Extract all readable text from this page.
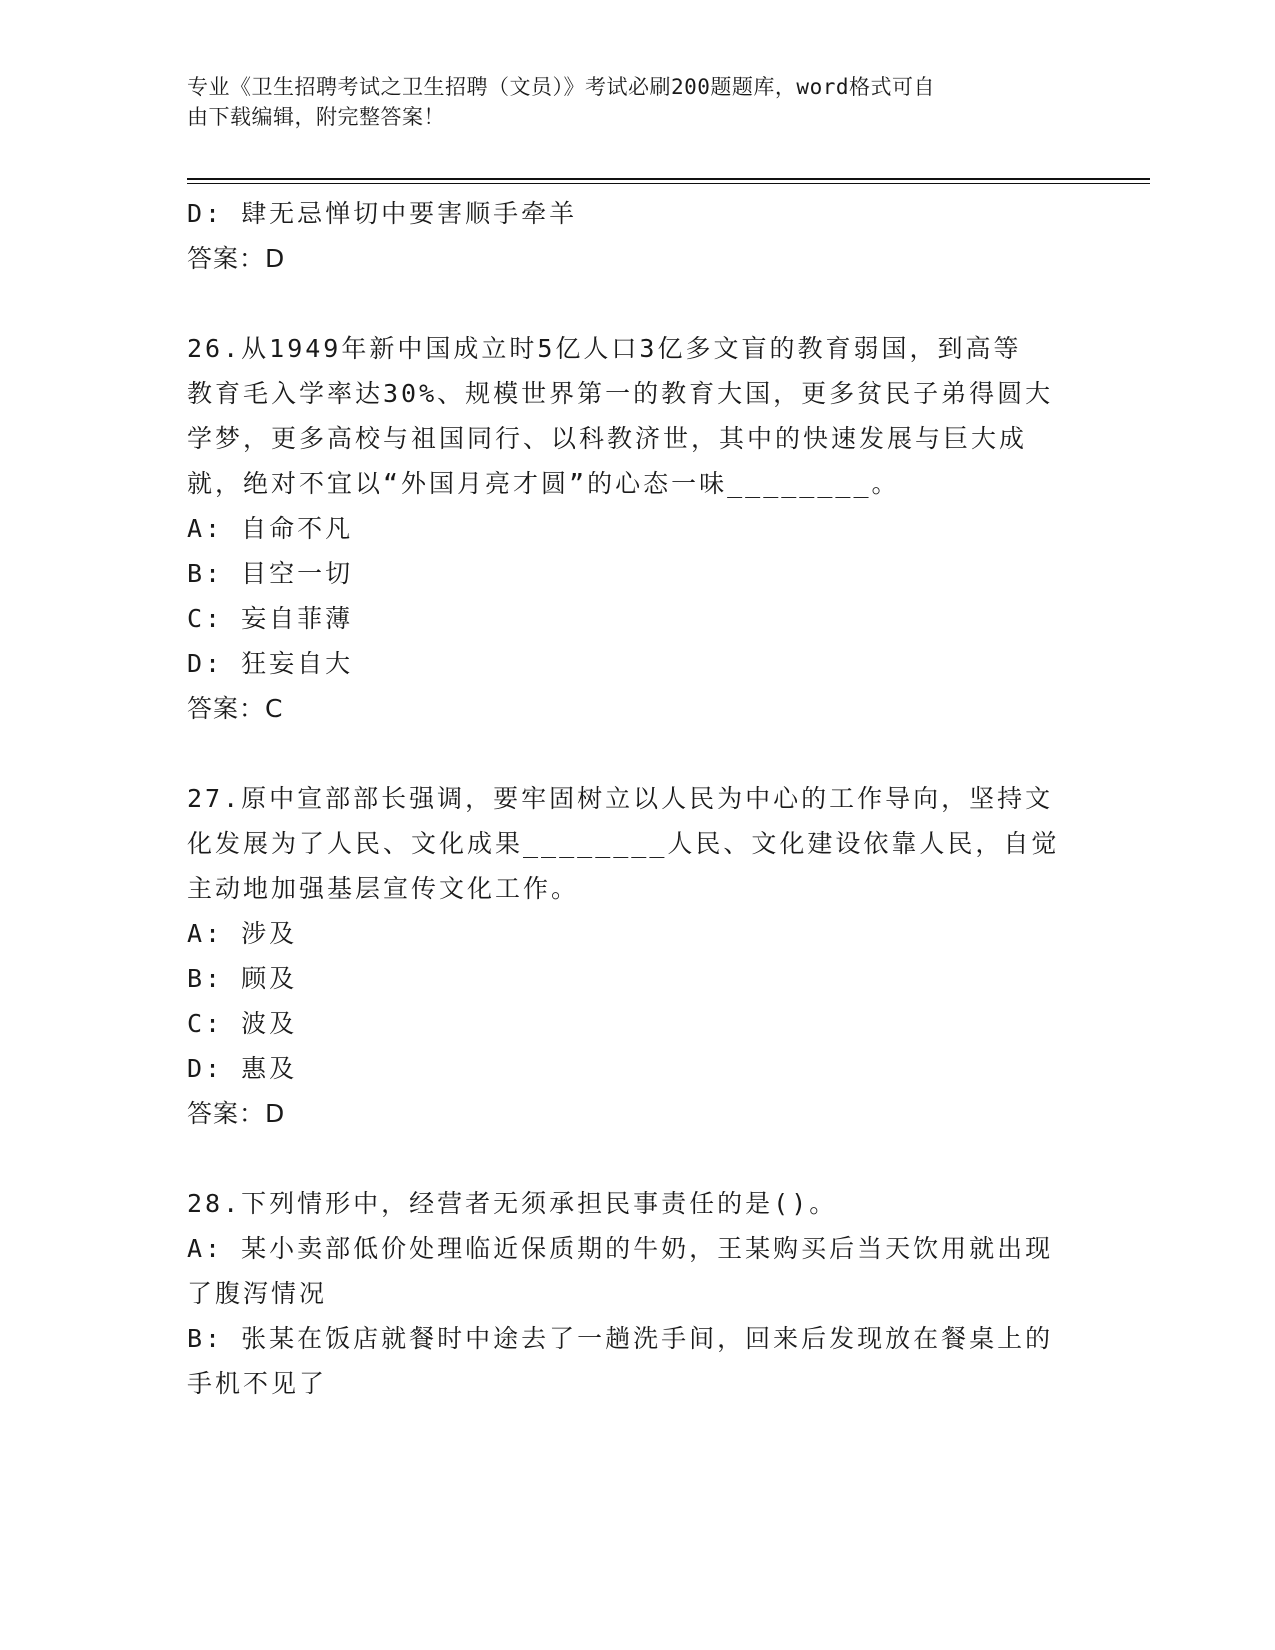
专业《卫生招聘考试之卫生招聘（文员）》考试必刷200题题库，word格式可自
由下载编辑，附完整答案！
D: 肆无忌惮切中要害顺手牵羊
答案：D
26.从1949年新中国成立时5亿人口3亿多文盲的教育弱国，到高等
教育毛入学率达30%、规模世界第一的教育大国，更多贫民子弟得圆大
学梦，更多高校与祖国同行、以科教济世，其中的快速发展与巨大成
就，绝对不宜以“外国月亮才圆”的心态一味________。
A: 自命不凡
B: 目空一切
C: 妄自菲薄
D: 狂妄自大
答案：C
27.原中宣部部长强调，要牢固树立以人民为中心的工作导向，坚持文
化发展为了人民、文化成果________人民、文化建设依靠人民，自觉
主动地加强基层宣传文化工作。
A: 涉及
B: 顾及
C: 波及
D: 惠及
答案：D
28.下列情形中，经营者无须承担民事责任的是()。
A: 某小卖部低价处理临近保质期的牛奶，王某购买后当天饮用就出现
了腹泻情况
B: 张某在饭店就餐时中途去了一趟洗手间，回来后发现放在餐桌上的
手机不见了
